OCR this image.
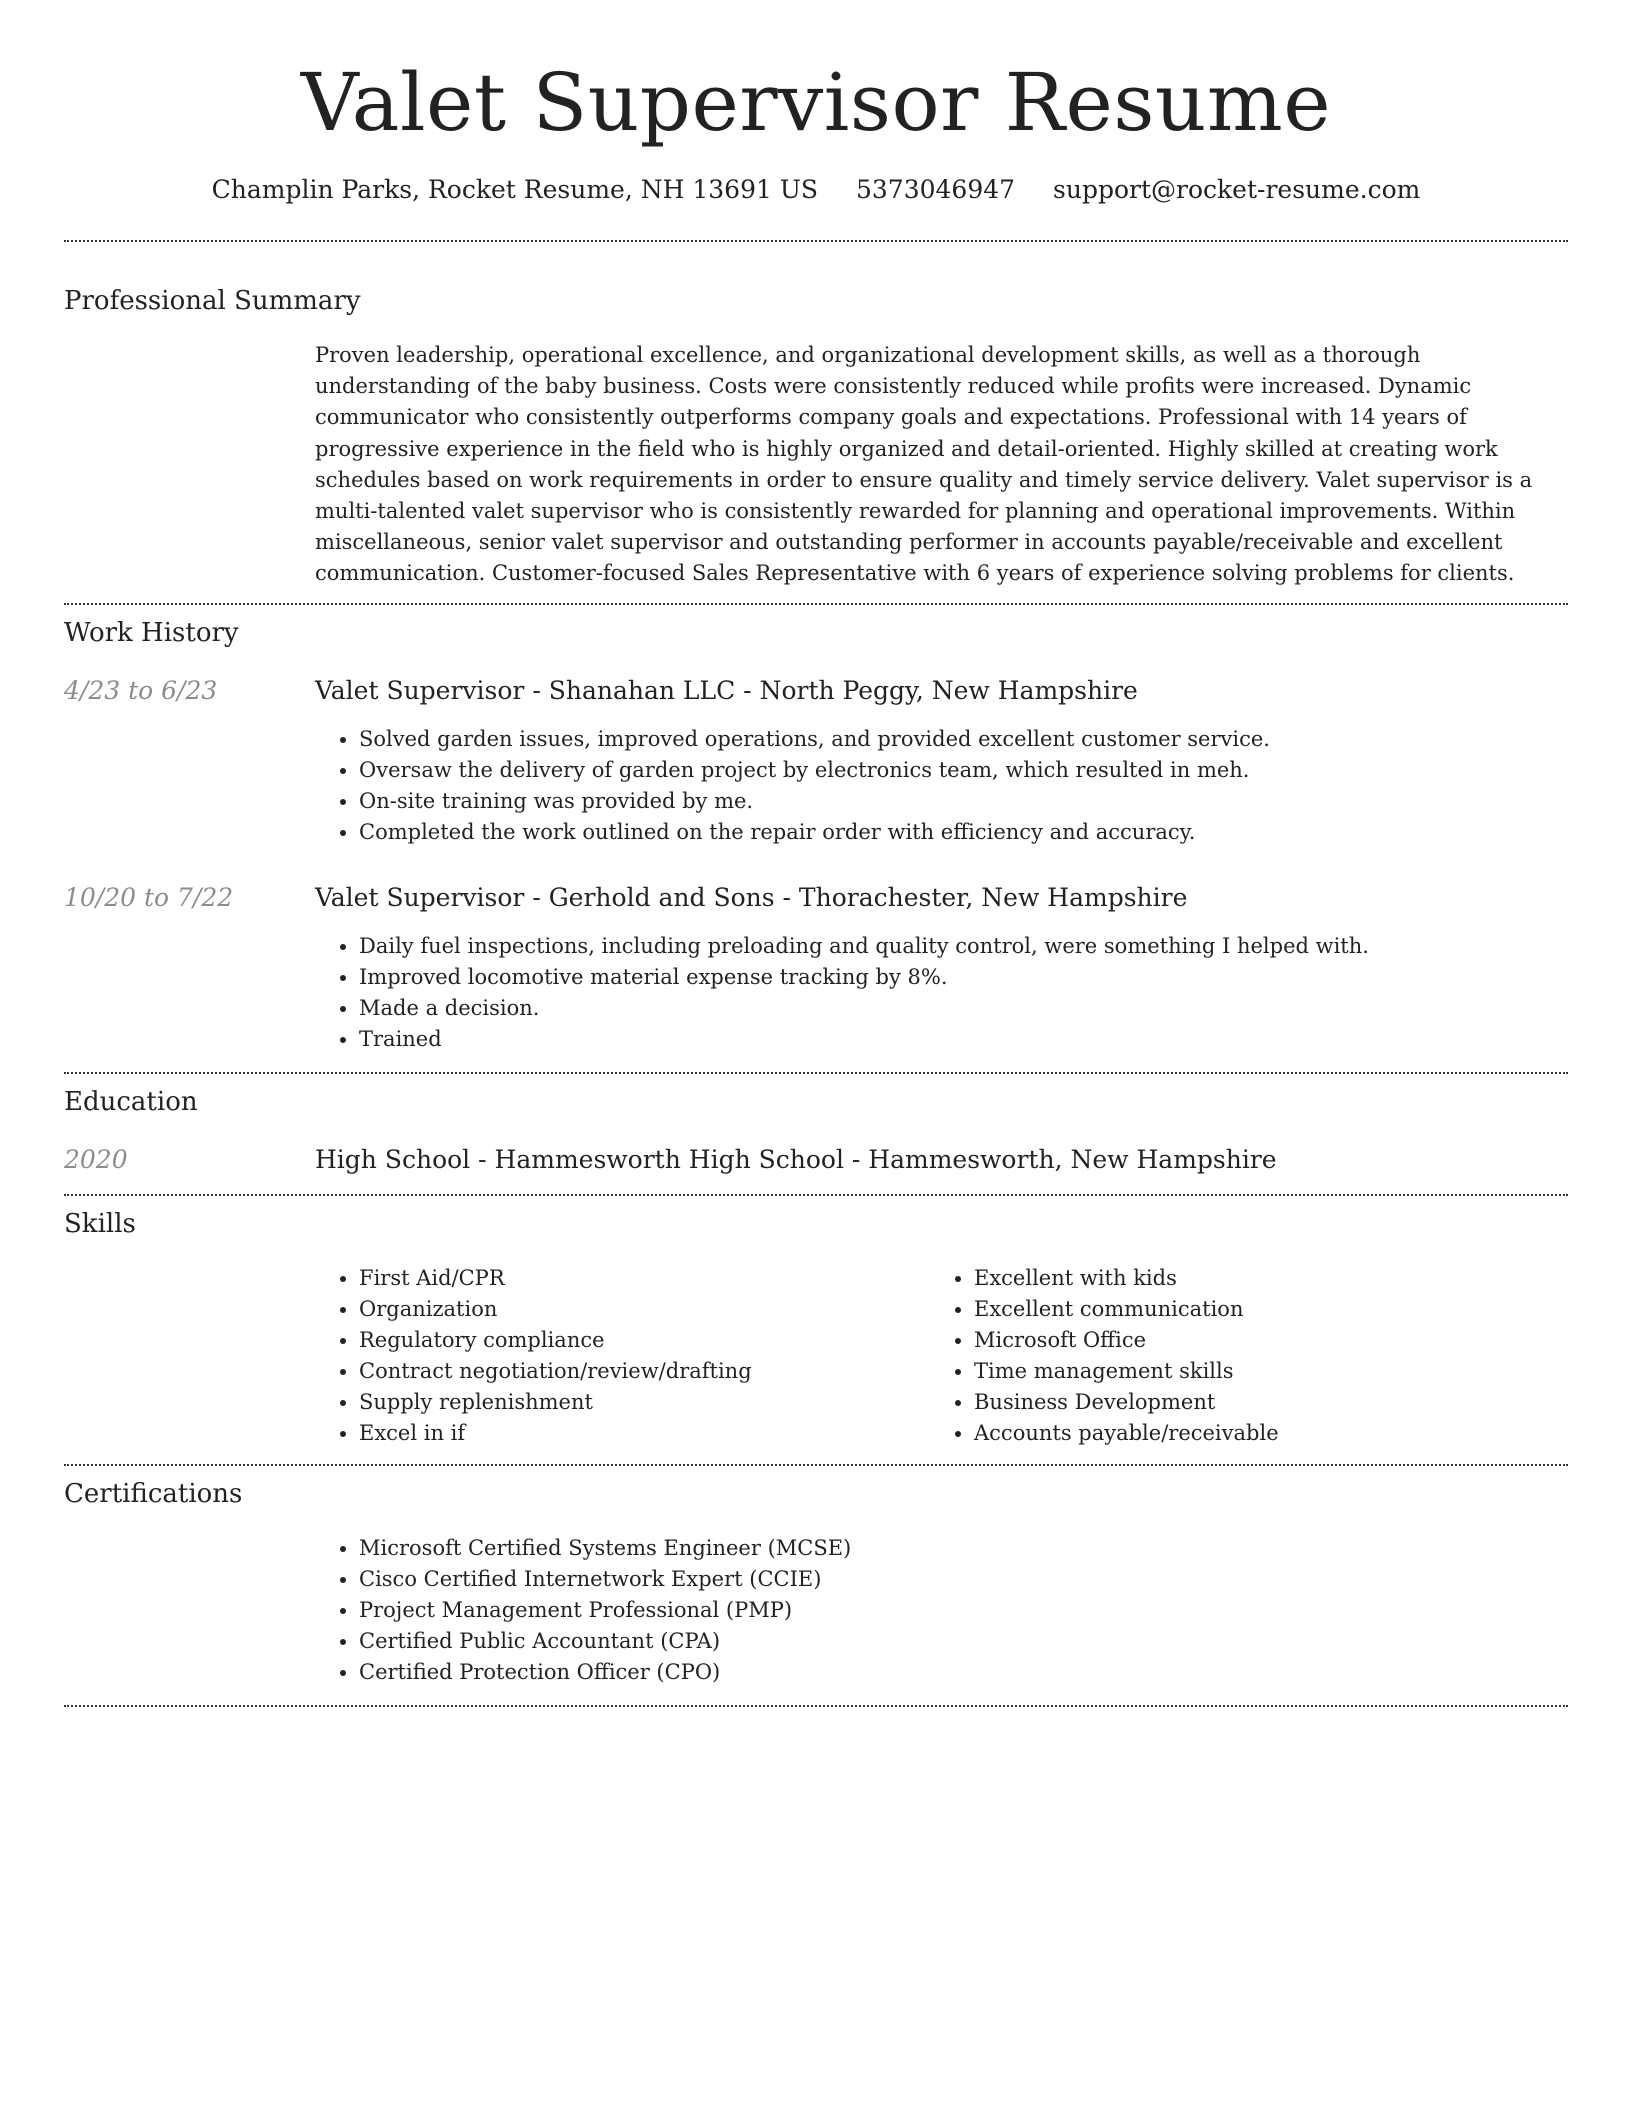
Valet Supervisor Resume
Champlin Parks, Rocket Resume, NH 13691 US 5373046947 support@rocket-resume.com
Professional Summary

Proven leadership, operational excellence, and organizational development skills, as well as a thorough understanding of the baby business. Costs were consistently reduced while profits were increased. Dynamic communicator who consistently outperforms company goals and expectations. Professional with 14 years of progressive experience in the field who is highly organized and detail-oriented. Highly skilled at creating work schedules based on work requirements in order to ensure quality and timely service delivery. Valet supervisor is a multi-talented valet supervisor who is consistently rewarded for planning and operational improvements. Within miscellaneous, senior valet supervisor and outstanding performer in accounts payable/receivable and excellent communication. Customer-focused Sales Representative with 6 years of experience solving problems for clients.

Work History
4/23 to 6/23	Valet Supervisor - Shanahan LLC - North Peggy, New Hampshire
• Solved garden issues, improved operations, and provided excellent customer service.
• Oversaw the delivery of garden project by electronics team, which resulted in meh.
• On-site training was provided by me.
• Completed the work outlined on the repair order with efficiency and accuracy.
10/20 to 7/22	Valet Supervisor - Gerhold and Sons - Thorachester, New Hampshire
• Daily fuel inspections, including preloading and quality control, were something I helped with.
• Improved locomotive material expense tracking by 8%.
• Made a decision.
• Trained
Education
2020	High School - Hammesworth High School - Hammesworth, New Hampshire
Skills
• First Aid/CPR
• Organization
• Regulatory compliance
• Contract negotiation/review/drafting
• Supply replenishment
• Excel in if
• Excellent with kids
• Excellent communication
• Microsoft Office
• Time management skills
• Business Development
• Accounts payable/receivable
Certifications
• Microsoft Certified Systems Engineer (MCSE)
• Cisco Certified Internetwork Expert (CCIE)
• Project Management Professional (PMP)
• Certified Public Accountant (CPA)
• Certified Protection Officer (CPO)
